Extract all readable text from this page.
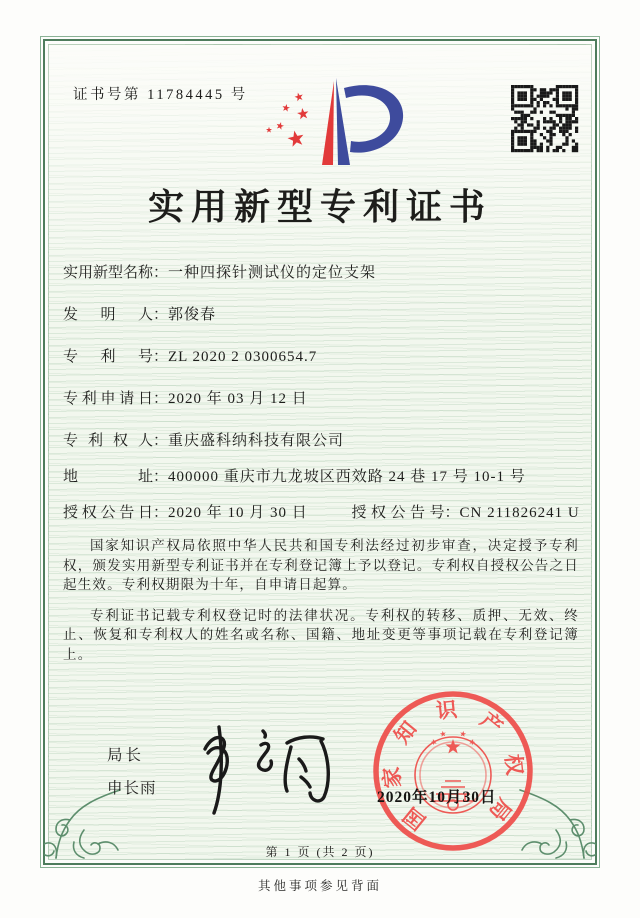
证书号第 11784445 号
实用新型专利证书
实用新型名称：一种四探针测试仪的定位支架
发明人：郭俊春
专利号：ZL 2020 2 0300654.7
专利申请日：2020 年 03 月 12 日
专利权人：重庆盛科纳科技有限公司
地址：400000 重庆市九龙坡区西效路 24 巷 17 号 10-1 号
授权公告日：2020 年 10 月 30 日	授权公告号：CN 211826241 U

国家知识产权局依照中华人民共和国专利法经过初步审查，决定授予专利权，颁发实用新型专利证书并在专利登记簿上予以登记。专利权自授权公告之日起生效。专利权期限为十年，自申请日起算。

专利证书记载专利权登记时的法律状况。专利权的转移、质押、无效、终止、恢复和专利权人的姓名或名称、国籍、地址变更等事项记载在专利登记簿上。

局长
申长雨
国
家
知
识 产
权
局
2020年10月30日
第 1 页 (共 2 页)
其他事项参见背面
